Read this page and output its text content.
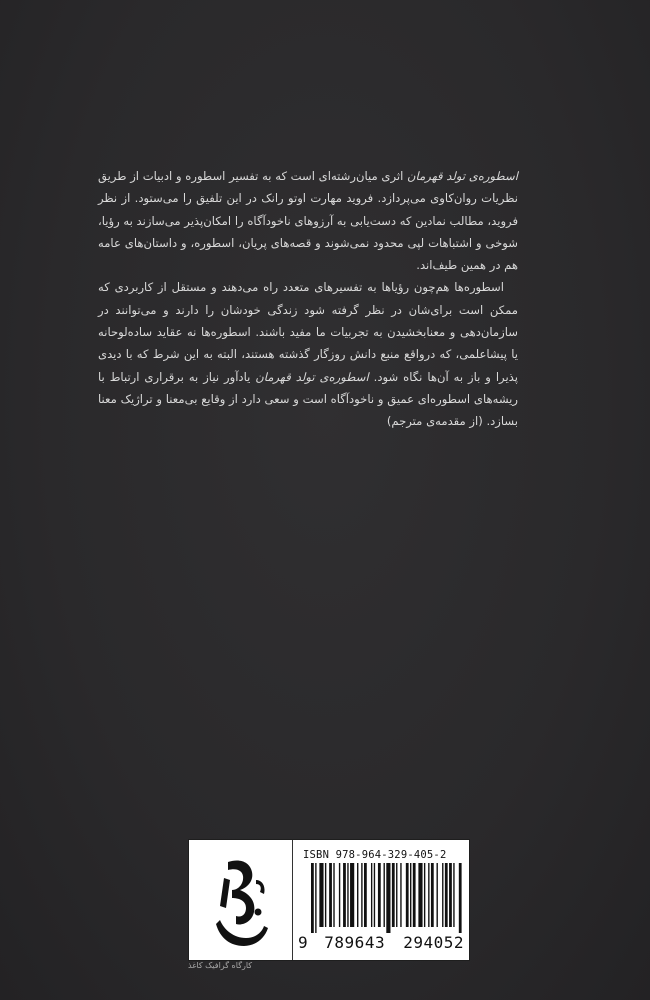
اسطوره‌ی تولد قهرمان اثری میان‌رشته‌ای است که به تفسیر اسطوره و ادبیات از طریق نظریات روان‌کاوی می‌پردازد. فروید مهارت اوتو رانک در این تلفیق را می‌ستود. از نظر فروید، مطالب نمادین که دست‌یابی به آرزوهای ناخودآگاه را امکان‌پذیر می‌سازند به رؤیا، شوخی و اشتباهات لپی محدود نمی‌شوند و قصه‌های پریان، اسطوره، و داستان‌های عامه هم در همین طیف‌اند.

اسطوره‌ها هم‌چون رؤیاها به تفسیرهای متعدد راه می‌دهند و مستقل از کاربردی که ممکن است برای‌شان در نظر گرفته شود زندگی خودشان را دارند و می‌توانند در سازمان‌دهی و معنابخشیدن به تجربیات ما مفید باشند. اسطوره‌ها نه عقاید ساده‌لوحانه یا پیشاعلمی، که درواقع منبع دانش روزگار گذشته هستند، البته به این شرط که با دیدی پذیرا و باز به آن‌ها نگاه شود. اسطوره‌ی تولد قهرمان یادآور نیاز به برقراری ارتباط با ریشه‌های اسطوره‌ای عمیق و ناخودآگاه است و سعی دارد از وقایع بی‌معنا و تراژیک معنا بسازد. (از مقدمه‌ی مترجم)

ISBN 978-964-329-405-2
9 789643 294052
کارگاه گرافیک کاغذ
